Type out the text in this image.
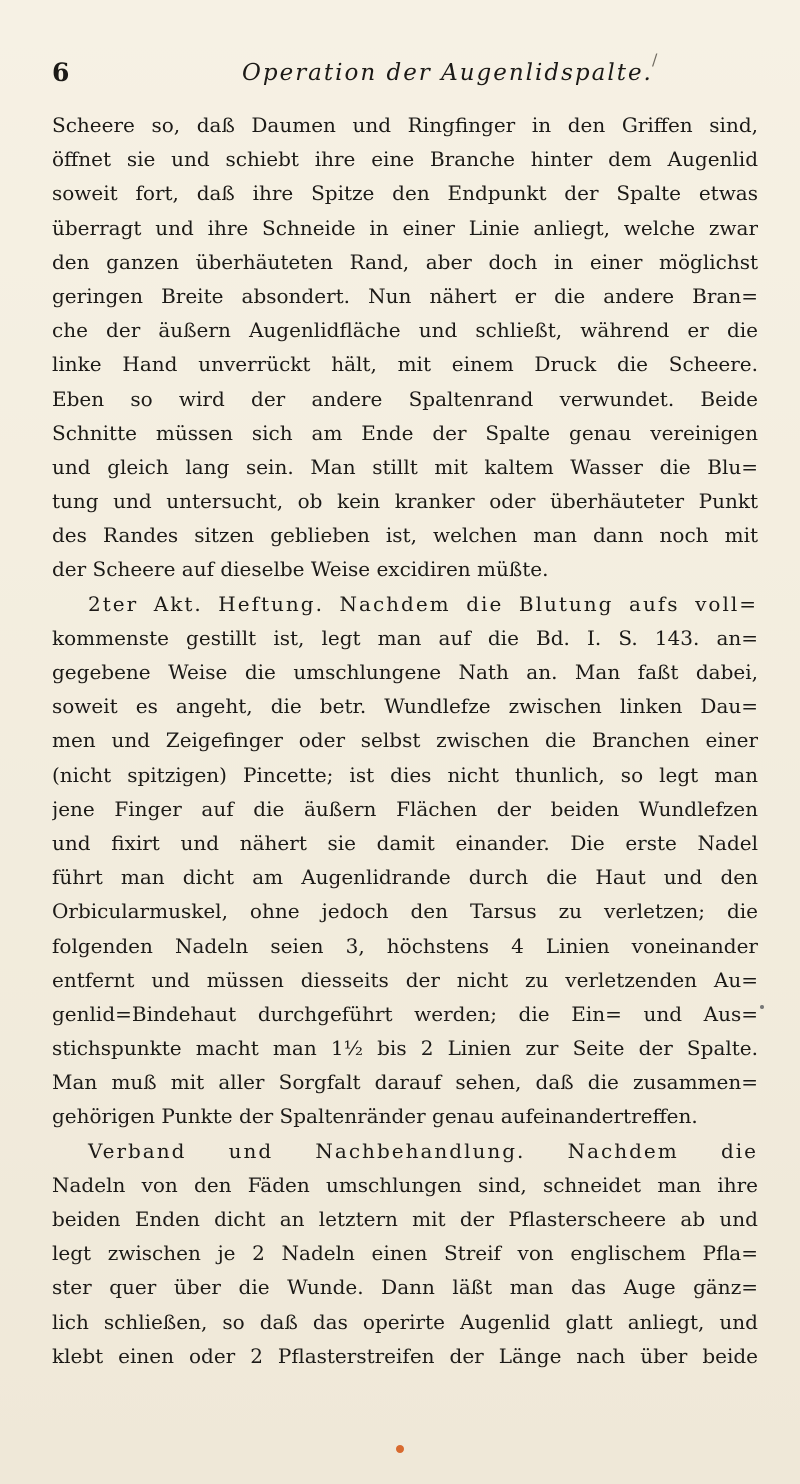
6	Operation der Augenlidspalte.
/
Scheere so, daß Daumen und Ringfinger in den Griffen sind,
öffnet sie und schiebt ihre eine Branche hinter dem Augenlid
soweit fort, daß ihre Spitze den Endpunkt der Spalte etwas
überragt und ihre Schneide in einer Linie anliegt, welche zwar
den ganzen überhäuteten Rand, aber doch in einer möglichst
geringen Breite absondert. Nun nähert er die andere Bran=
che der äußern Augenlidfläche und schließt, während er die
linke Hand unverrückt hält, mit einem Druck die Scheere.
Eben so wird der andere Spaltenrand verwundet. Beide
Schnitte müssen sich am Ende der Spalte genau vereinigen
und gleich lang sein. Man stillt mit kaltem Wasser die Blu=
tung und untersucht, ob kein kranker oder überhäuteter Punkt
des Randes sitzen geblieben ist, welchen man dann noch mit
der Scheere auf dieselbe Weise excidiren müßte.
2ter Akt. Heftung. Nachdem die Blutung aufs voll=
kommenste gestillt ist, legt man auf die Bd. I. S. 143. an=
gegebene Weise die umschlungene Nath an. Man faßt dabei,
soweit es angeht, die betr. Wundlefze zwischen linken Dau=
men und Zeigefinger oder selbst zwischen die Branchen einer
(nicht spitzigen) Pincette; ist dies nicht thunlich, so legt man
jene Finger auf die äußern Flächen der beiden Wundlefzen
und fixirt und nähert sie damit einander. Die erste Nadel
führt man dicht am Augenlidrande durch die Haut und den
Orbicularmuskel, ohne jedoch den Tarsus zu verletzen; die
folgenden Nadeln seien 3, höchstens 4 Linien voneinander
entfernt und müssen diesseits der nicht zu verletzenden Au=
genlid=Bindehaut durchgeführt werden; die Ein= und Aus=
stichspunkte macht man 1½ bis 2 Linien zur Seite der Spalte.
Man muß mit aller Sorgfalt darauf sehen, daß die zusammen=
gehörigen Punkte der Spaltenränder genau aufeinandertreffen.
Verband und Nachbehandlung. Nachdem die
Nadeln von den Fäden umschlungen sind, schneidet man ihre
beiden Enden dicht an letztern mit der Pflasterscheere ab und
legt zwischen je 2 Nadeln einen Streif von englischem Pfla=
ster quer über die Wunde. Dann läßt man das Auge gänz=
lich schließen, so daß das operirte Augenlid glatt anliegt, und
klebt einen oder 2 Pflasterstreifen der Länge nach über beide
